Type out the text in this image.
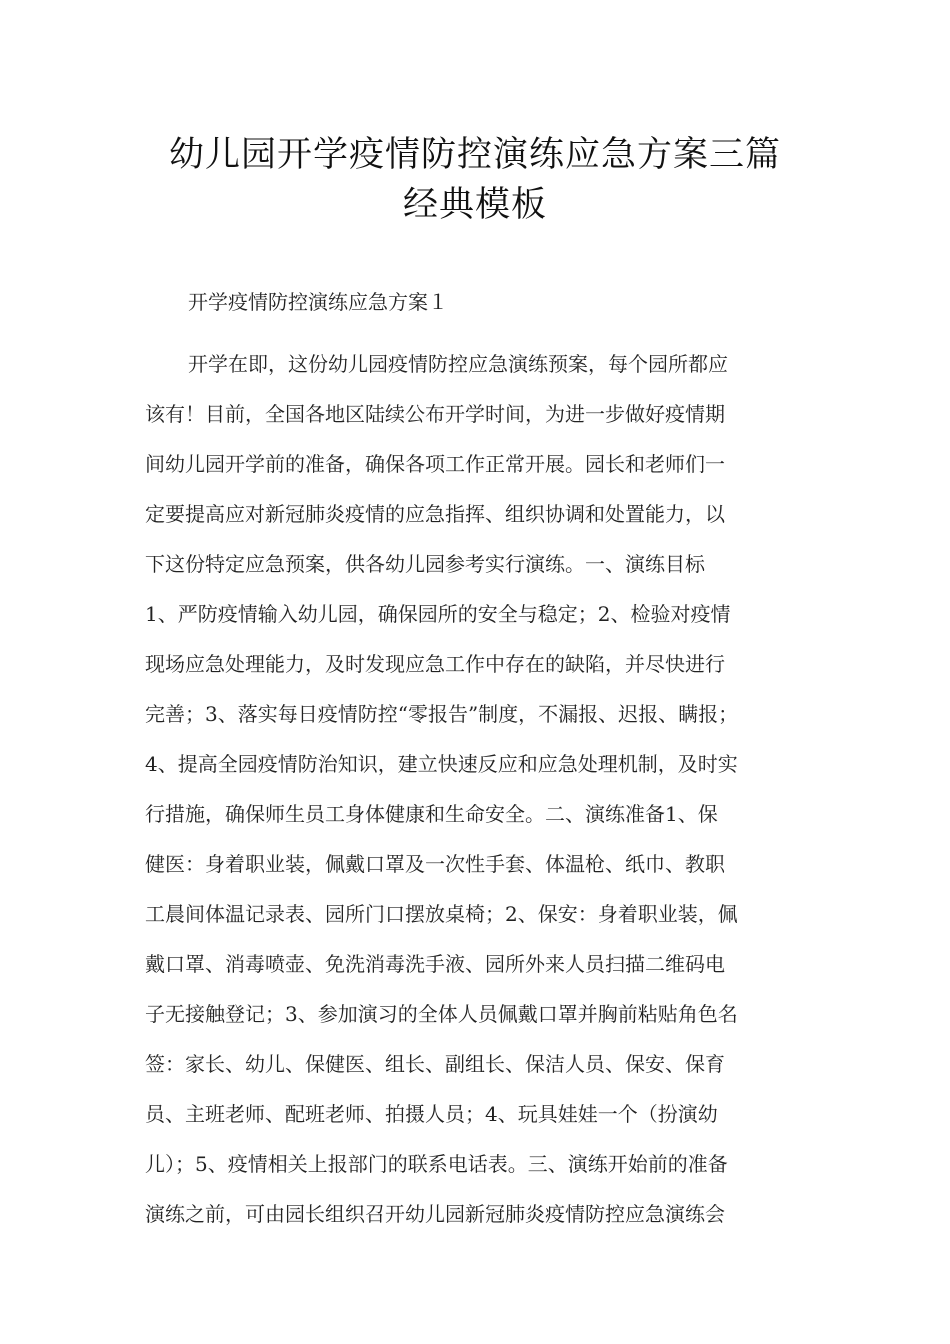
幼儿园开学疫情防控演练应急方案三篇
经典模板

开学疫情防控演练应急方案１

开学在即，这份幼儿园疫情防控应急演练预案，每个园所都应
该有！目前，全国各地区陆续公布开学时间，为进一步做好疫情期
间幼儿园开学前的准备，确保各项工作正常开展。园长和老师们一
定要提高应对新冠肺炎疫情的应急指挥、组织协调和处置能力，以
下这份特定应急预案，供各幼儿园参考实行演练。一、演练目标
1、严防疫情输入幼儿园，确保园所的安全与稳定；2、检验对疫情
现场应急处理能力，及时发现应急工作中存在的缺陷，并尽快进行
完善；3、落实每日疫情防控“零报告”制度，不漏报、迟报、瞒报；
4、提高全园疫情防治知识，建立快速反应和应急处理机制，及时实
行措施，确保师生员工身体健康和生命安全。二、演练准备1、保
健医：身着职业装，佩戴口罩及一次性手套、体温枪、纸巾、教职
工晨间体温记录表、园所门口摆放桌椅；2、保安：身着职业装，佩
戴口罩、消毒喷壶、免洗消毒洗手液、园所外来人员扫描二维码电
子无接触登记；3、参加演习的全体人员佩戴口罩并胸前粘贴角色名
签：家长、幼儿、保健医、组长、副组长、保洁人员、保安、保育
员、主班老师、配班老师、拍摄人员；4、玩具娃娃一个（扮演幼
儿）；5、疫情相关上报部门的联系电话表。三、演练开始前的准备
演练之前，可由园长组织召开幼儿园新冠肺炎疫情防控应急演练会
